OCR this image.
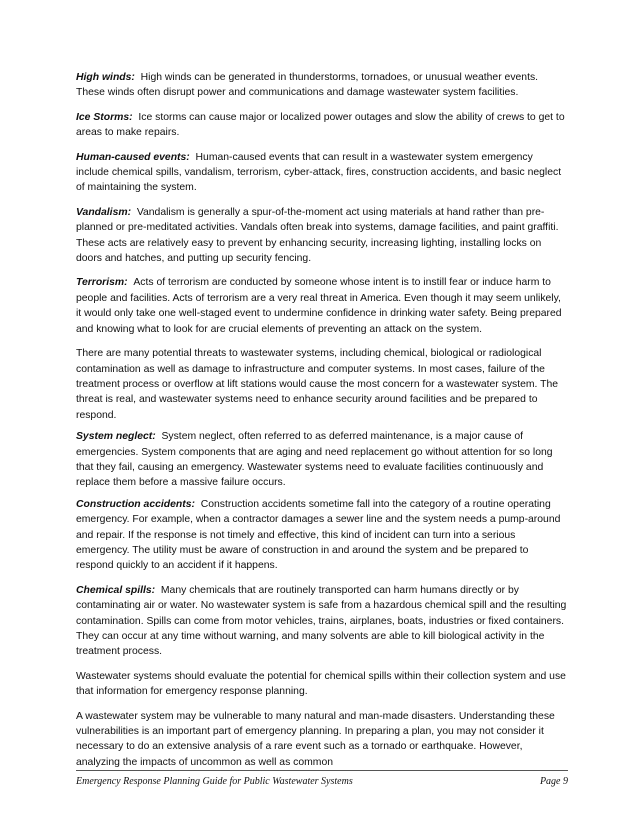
High winds: High winds can be generated in thunderstorms, tornadoes, or unusual weather events. These winds often disrupt power and communications and damage wastewater system facilities.

Ice Storms: Ice storms can cause major or localized power outages and slow the ability of crews to get to areas to make repairs.

Human-caused events: Human-caused events that can result in a wastewater system emergency include chemical spills, vandalism, terrorism, cyber-attack, fires, construction accidents, and basic neglect of maintaining the system.

Vandalism: Vandalism is generally a spur-of-the-moment act using materials at hand rather than pre-planned or pre-meditated activities. Vandals often break into systems, damage facilities, and paint graffiti. These acts are relatively easy to prevent by enhancing security, increasing lighting, installing locks on doors and hatches, and putting up security fencing.

Terrorism: Acts of terrorism are conducted by someone whose intent is to instill fear or induce harm to people and facilities. Acts of terrorism are a very real threat in America. Even though it may seem unlikely, it would only take one well-staged event to undermine confidence in drinking water safety. Being prepared and knowing what to look for are crucial elements of preventing an attack on the system.

There are many potential threats to wastewater systems, including chemical, biological or radiological contamination as well as damage to infrastructure and computer systems. In most cases, failure of the treatment process or overflow at lift stations would cause the most concern for a wastewater system. The threat is real, and wastewater systems need to enhance security around facilities and be prepared to respond.

System neglect: System neglect, often referred to as deferred maintenance, is a major cause of emergencies. System components that are aging and need replacement go without attention for so long that they fail, causing an emergency. Wastewater systems need to evaluate facilities continuously and replace them before a massive failure occurs.

Construction accidents: Construction accidents sometime fall into the category of a routine operating emergency. For example, when a contractor damages a sewer line and the system needs a pump-around and repair. If the response is not timely and effective, this kind of incident can turn into a serious emergency. The utility must be aware of construction in and around the system and be prepared to respond quickly to an accident if it happens.

Chemical spills: Many chemicals that are routinely transported can harm humans directly or by contaminating air or water. No wastewater system is safe from a hazardous chemical spill and the resulting contamination. Spills can come from motor vehicles, trains, airplanes, boats, industries or fixed containers. They can occur at any time without warning, and many solvents are able to kill biological activity in the treatment process.

Wastewater systems should evaluate the potential for chemical spills within their collection system and use that information for emergency response planning.

A wastewater system may be vulnerable to many natural and man-made disasters. Understanding these vulnerabilities is an important part of emergency planning. In preparing a plan, you may not consider it necessary to do an extensive analysis of a rare event such as a tornado or earthquake. However, analyzing the impacts of uncommon as well as common

Emergency Response Planning Guide for Public Wastewater Systems	Page 9
